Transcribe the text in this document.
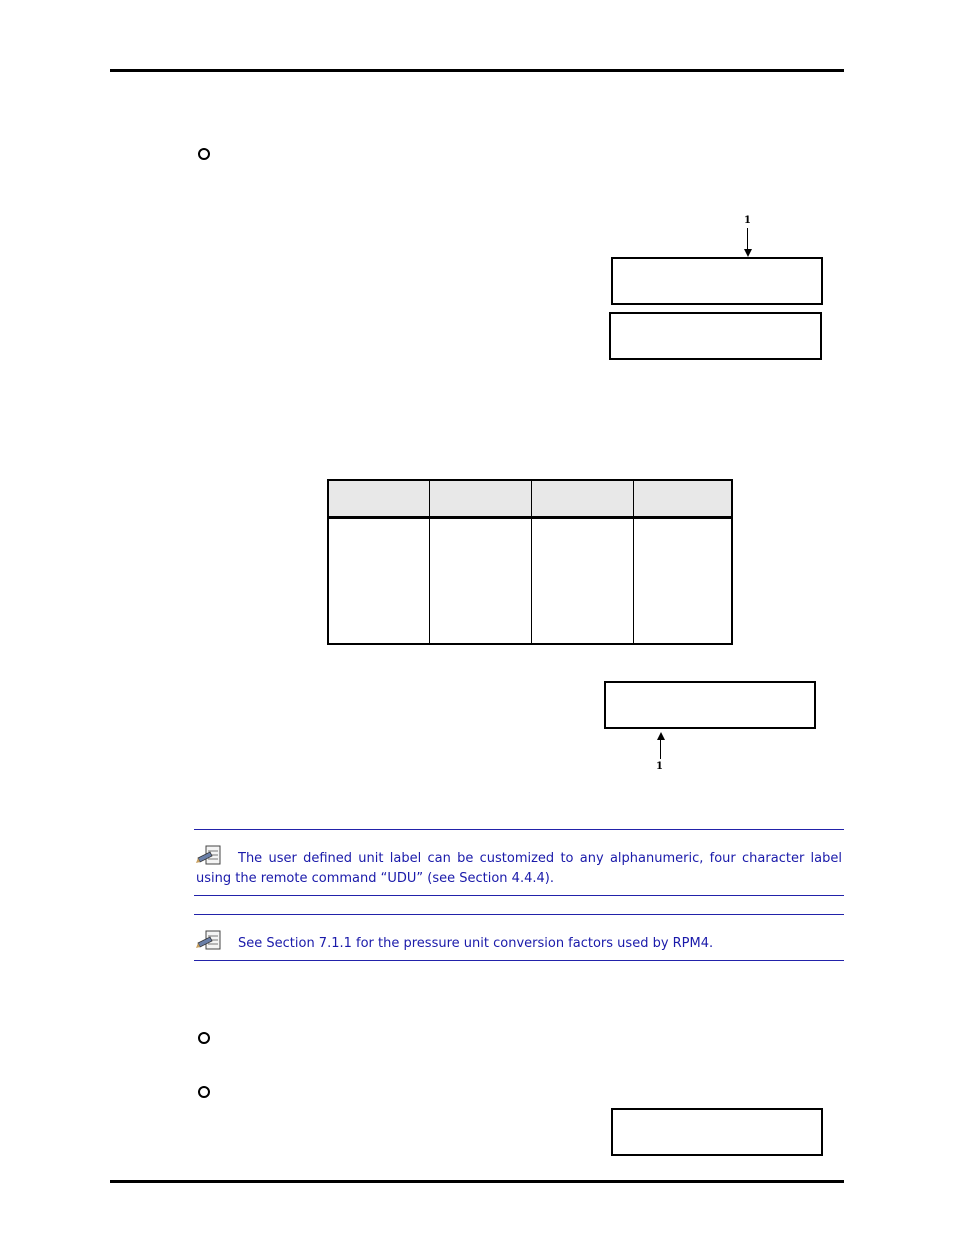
1

1
The user defined unit label can be customized to any alphanumeric, four character label using the remote command “UDU” (see Section 4.4.4).
See Section 7.1.1 for the pressure unit conversion factors used by RPM4.
